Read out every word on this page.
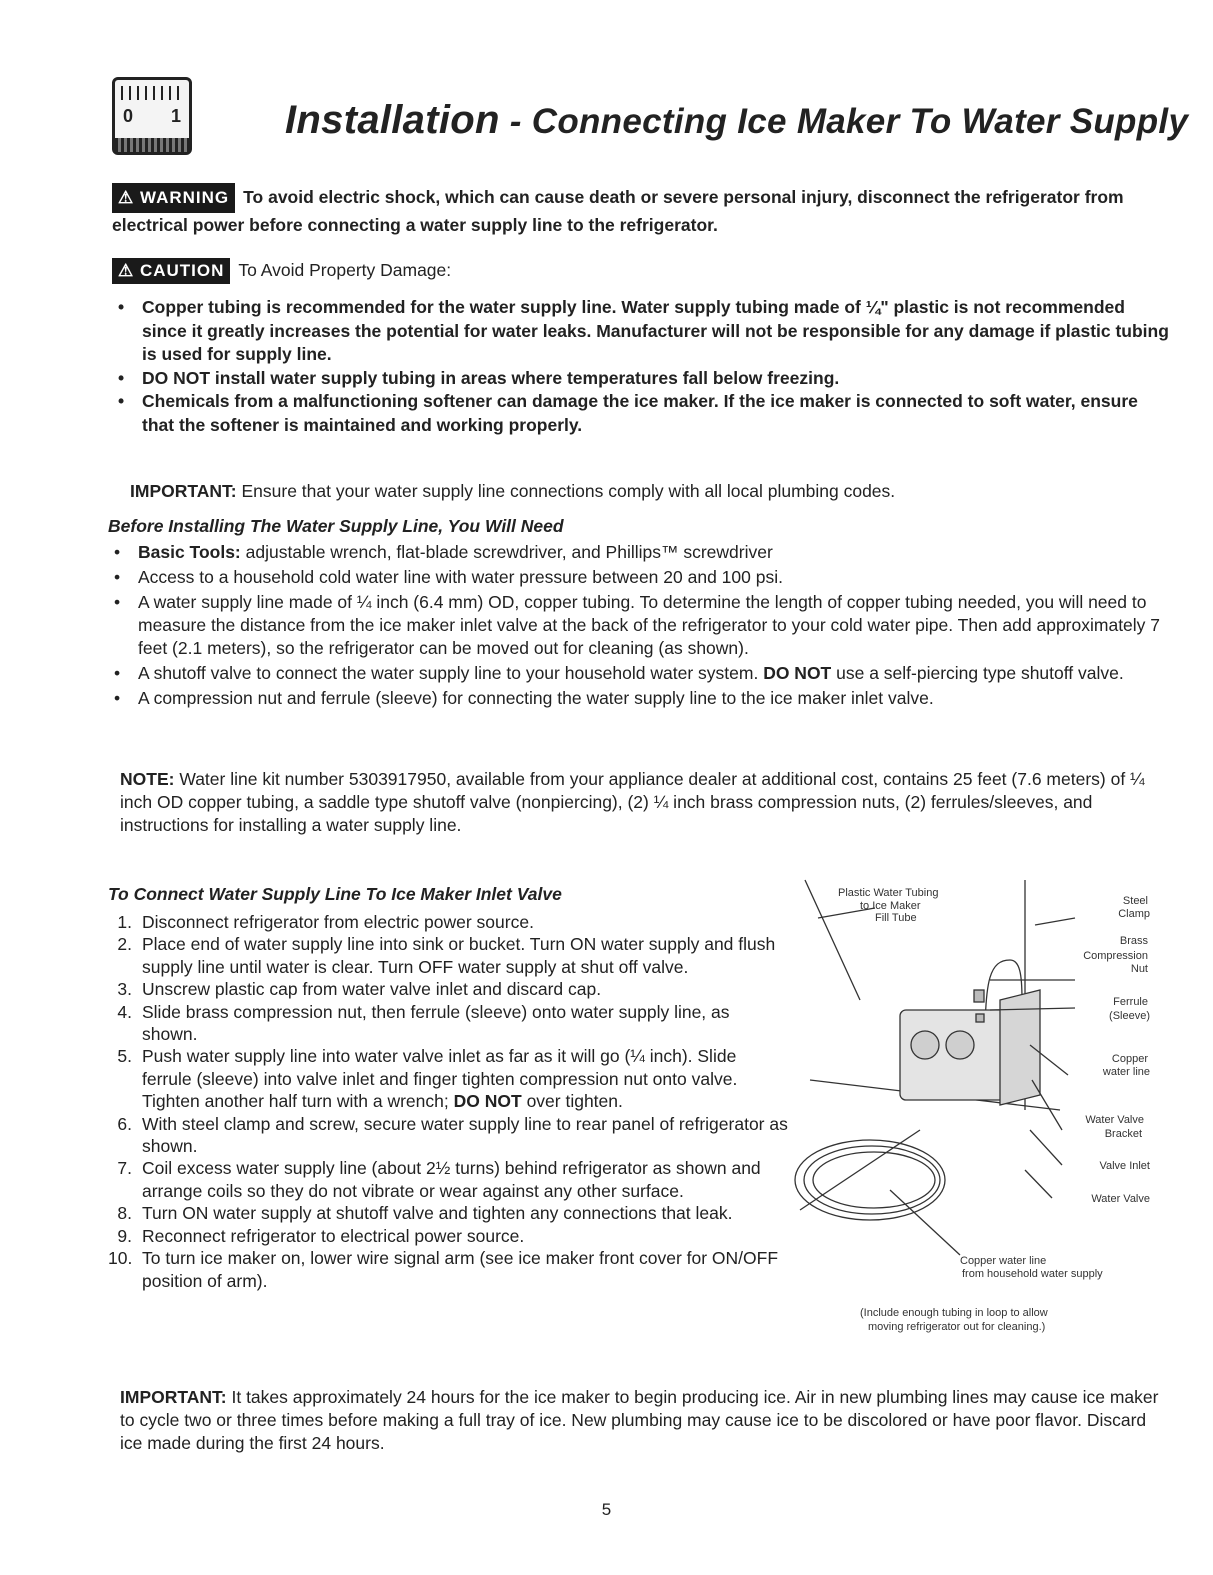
0 1	Installation - Connecting Ice Maker To Water Supply
⚠ WARNING To avoid electric shock, which can cause death or severe personal injury, disconnect the refrigerator from electrical power before connecting a water supply line to the refrigerator.
⚠ CAUTION To Avoid Property Damage:
• Copper tubing is recommended for the water supply line. Water supply tubing made of ¼" plastic is not recommended since it greatly increases the potential for water leaks. Manufacturer will not be responsible for any damage if plastic tubing is used for supply line.
• DO NOT install water supply tubing in areas where temperatures fall below freezing.
• Chemicals from a malfunctioning softener can damage the ice maker. If the ice maker is connected to soft water, ensure that the softener is maintained and working properly.
IMPORTANT: Ensure that your water supply line connections comply with all local plumbing codes.
Before Installing The Water Supply Line, You Will Need
• Basic Tools: adjustable wrench, flat-blade screwdriver, and Phillips™ screwdriver
• Access to a household cold water line with water pressure between 20 and 100 psi.
• A water supply line made of ¼ inch (6.4 mm) OD, copper tubing. To determine the length of copper tubing needed, you will need to measure the distance from the ice maker inlet valve at the back of the refrigerator to your cold water pipe. Then add approximately 7 feet (2.1 meters), so the refrigerator can be moved out for cleaning (as shown).
• A shutoff valve to connect the water supply line to your household water system. DO NOT use a self-piercing type shutoff valve.
• A compression nut and ferrule (sleeve) for connecting the water supply line to the ice maker inlet valve.
NOTE: Water line kit number 5303917950, available from your appliance dealer at additional cost, contains 25 feet (7.6 meters) of ¼ inch OD copper tubing, a saddle type shutoff valve (nonpiercing), (2) ¼ inch brass compression nuts, (2) ferrules/sleeves, and instructions for installing a water supply line.
To Connect Water Supply Line To Ice Maker Inlet Valve
1. Disconnect refrigerator from electric power source.
2. Place end of water supply line into sink or bucket. Turn ON water supply and flush supply line until water is clear. Turn OFF water supply at shut off valve.
3. Unscrew plastic cap from water valve inlet and discard cap.
4. Slide brass compression nut, then ferrule (sleeve) onto water supply line, as shown.
5. Push water supply line into water valve inlet as far as it will go (¼ inch). Slide ferrule (sleeve) into valve inlet and finger tighten compression nut onto valve. Tighten another half turn with a wrench; DO NOT over tighten.
6. With steel clamp and screw, secure water supply line to rear panel of refrigerator as shown.
7. Coil excess water supply line (about 2½ turns) behind refrigerator as shown and arrange coils so they do not vibrate or wear against any other surface.
8. Turn ON water supply at shutoff valve and tighten any connections that leak.
9. Reconnect refrigerator to electrical power source.
10. To turn ice maker on, lower wire signal arm (see ice maker front cover for ON/OFF position of arm).
Plastic Water Tubing
to Ice Maker
Fill Tube
Steel
Clamp
Brass
Compression
Nut
Ferrule
(Sleeve)
Copper
water line
Water Valve
Bracket
Valve Inlet
Water Valve
Copper water line
from household water supply
(Include enough tubing in loop to allow
moving refrigerator out for cleaning.)
IMPORTANT: It takes approximately 24 hours for the ice maker to begin producing ice. Air in new plumbing lines may cause ice maker to cycle two or three times before making a full tray of ice. New plumbing may cause ice to be discolored or have poor flavor. Discard ice made during the first 24 hours.
5
